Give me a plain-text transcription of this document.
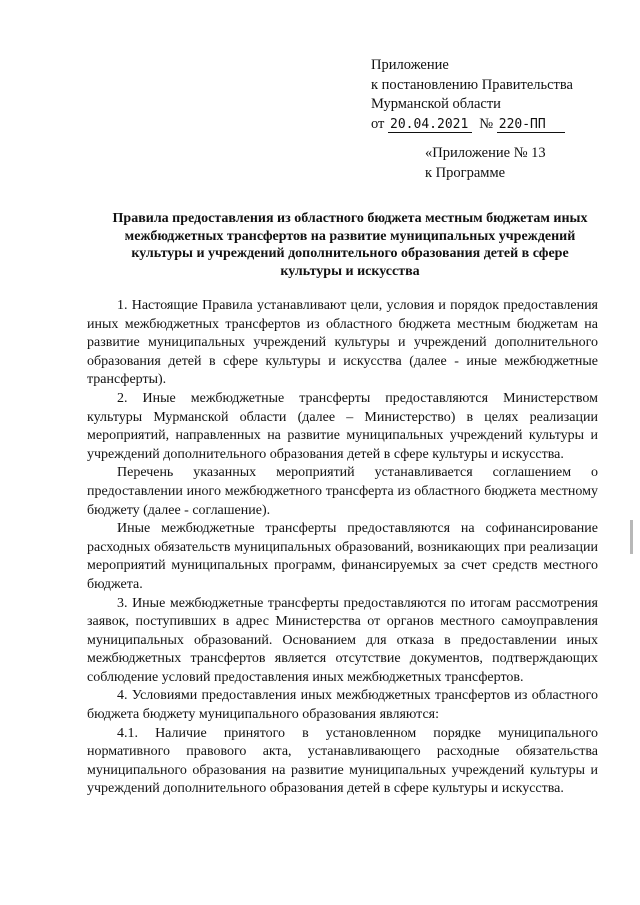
Приложение
к постановлению Правительства
Мурманской области
от 20.04.2021 № 220-ПП
«Приложение № 13
к Программе
Правила предоставления из областного бюджета местным бюджетам иных межбюджетных трансфертов на развитие муниципальных учреждений культуры и учреждений дополнительного образования детей в сфере культуры и искусства

1. Настоящие Правила устанавливают цели, условия и порядок предоставления иных межбюджетных трансфертов из областного бюджета местным бюджетам на развитие муниципальных учреждений культуры и учреждений дополнительного образования детей в сфере культуры и искусства (далее - иные межбюджетные трансферты).

2. Иные межбюджетные трансферты предоставляются Министерством культуры Мурманской области (далее – Министерство) в целях реализации мероприятий, направленных на развитие муниципальных учреждений культуры и учреждений дополнительного образования детей в сфере культуры и искусства.

Перечень указанных мероприятий устанавливается соглашением о предоставлении иного межбюджетного трансферта из областного бюджета местному бюджету (далее - соглашение).

Иные межбюджетные трансферты предоставляются на софинансирование расходных обязательств муниципальных образований, возникающих при реализации мероприятий муниципальных программ, финансируемых за счет средств местного бюджета.

3. Иные межбюджетные трансферты предоставляются по итогам рассмотрения заявок, поступивших в адрес Министерства от органов местного самоуправления муниципальных образований. Основанием для отказа в предоставлении иных межбюджетных трансфертов является отсутствие документов, подтверждающих соблюдение условий предоставления иных межбюджетных трансфертов.

4. Условиями предоставления иных межбюджетных трансфертов из областного бюджета бюджету муниципального образования являются:

4.1. Наличие принятого в установленном порядке муниципального нормативного правового акта, устанавливающего расходные обязательства муниципального образования на развитие муниципальных учреждений культуры и учреждений дополнительного образования детей в сфере культуры и искусства.
